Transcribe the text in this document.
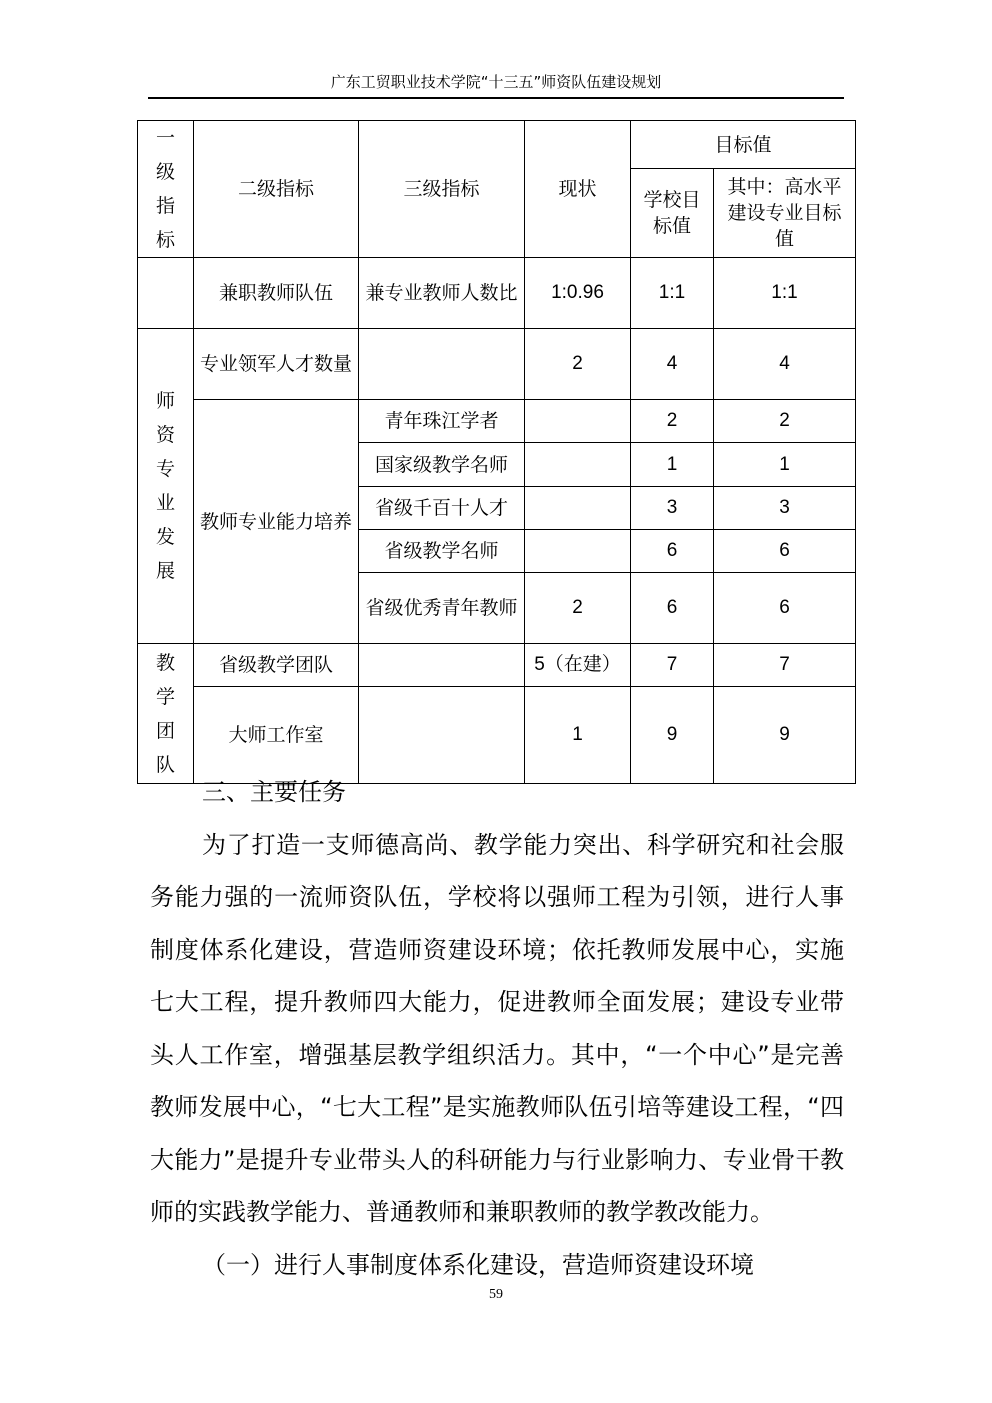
广东工贸职业技术学院“十三五”师资队伍建设规划
一级指标	二级指标	三级指标	现状	目标值	
				学校目标值	其中：高水平建设专业目标值
	兼职教师队伍	兼专业教师人数比	1:0.96	1:1	1:1

师资专业发展	专业领军人才数量		2	4	4
	教师专业能力培养	青年珠江学者		2	2
		国家级教学名师		1	1
		省级千百十人才		3	3
		省级教学名师		6	6
		省级优秀青年教师	2	6	6

教学团队	省级教学团队		5（在建）	7	7
	大师工作室		1	9	9

三、主要任务

为了打造一支师德高尚、教学能力突出、科学研究和社会服务能力强的一流师资队伍，学校将以强师工程为引领，进行人事制度体系化建设，营造师资建设环境；依托教师发展中心，实施七大工程，提升教师四大能力，促进教师全面发展；建设专业带头人工作室，增强基层教学组织活力。其中，“一个中心”是完善教师发展中心，“七大工程”是实施教师队伍引培等建设工程，“四大能力”是提升专业带头人的科研能力与行业影响力、专业骨干教师的实践教学能力、普通教师和兼职教师的教学教改能力。

（一）进行人事制度体系化建设，营造师资建设环境

59
